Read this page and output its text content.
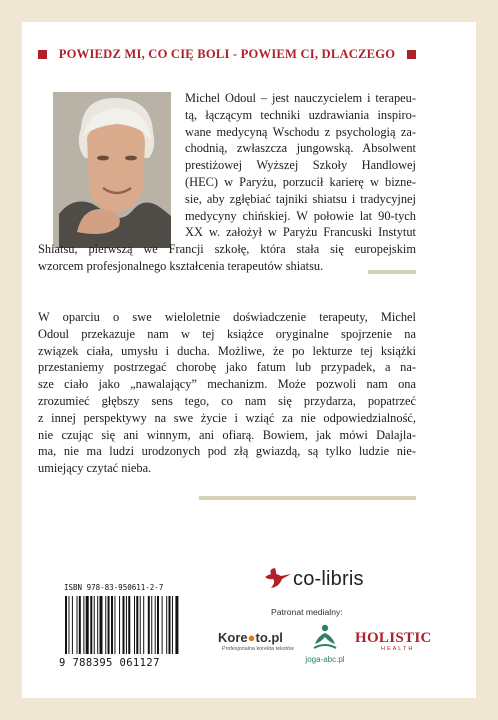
POWIEDZ MI, CO CIĘ BOLI - POWIEM CI, DLACZEGO
Michel Odoul – jest nauczycielem i terapeu-
tą, łączącym techniki uzdrawiania inspiro-
wane medycyną Wschodu z psychologią za-
chodnią, zwłaszcza jungowską. Absolwent
prestiżowej Wyższej Szkoły Handlowej
(HEC) w Paryżu, porzucił karierę w bizne-
sie, aby zgłębiać tajniki shiatsu i tradycyjnej
medycyny chińskiej. W połowie lat 90-tych
XX w. założył w Paryżu Francuski Instytut
Shiatsu, pierwszą we Francji szkołę, która stała się europejskim
wzorcem profesjonalnego kształcenia terapeutów shiatsu.
W oparciu o swe wieloletnie doświadczenie terapeuty, Michel
Odoul przekazuje nam w tej książce oryginalne spojrzenie na
związek ciała, umysłu i ducha. Możliwe, że po lekturze tej książki
przestaniemy postrzegać chorobę jako fatum lub przypadek, a na-
sze ciało jako „nawalający” mechanizm. Może pozwoli nam ona
zrozumieć głębszy sens tego, co nam się przydarza, popatrzeć
z innej perspektywy na swe życie i wziąć za nie odpowiedzialność,
nie czując się ani winnym, ani ofiarą. Bowiem, jak mówi Dalajla-
ma, nie ma ludzi urodzonych pod złą gwiazdą, są tylko ludzie nie-
umiejący czytać nieba.
ISBN 978-83-950611-2-7
9 788395 061127
co-libris
Patronat medialny:
Kore●to.pl
Profesjonalna korekta tekstów
joga-abc.pl
HOLISTIC
HEALTH
